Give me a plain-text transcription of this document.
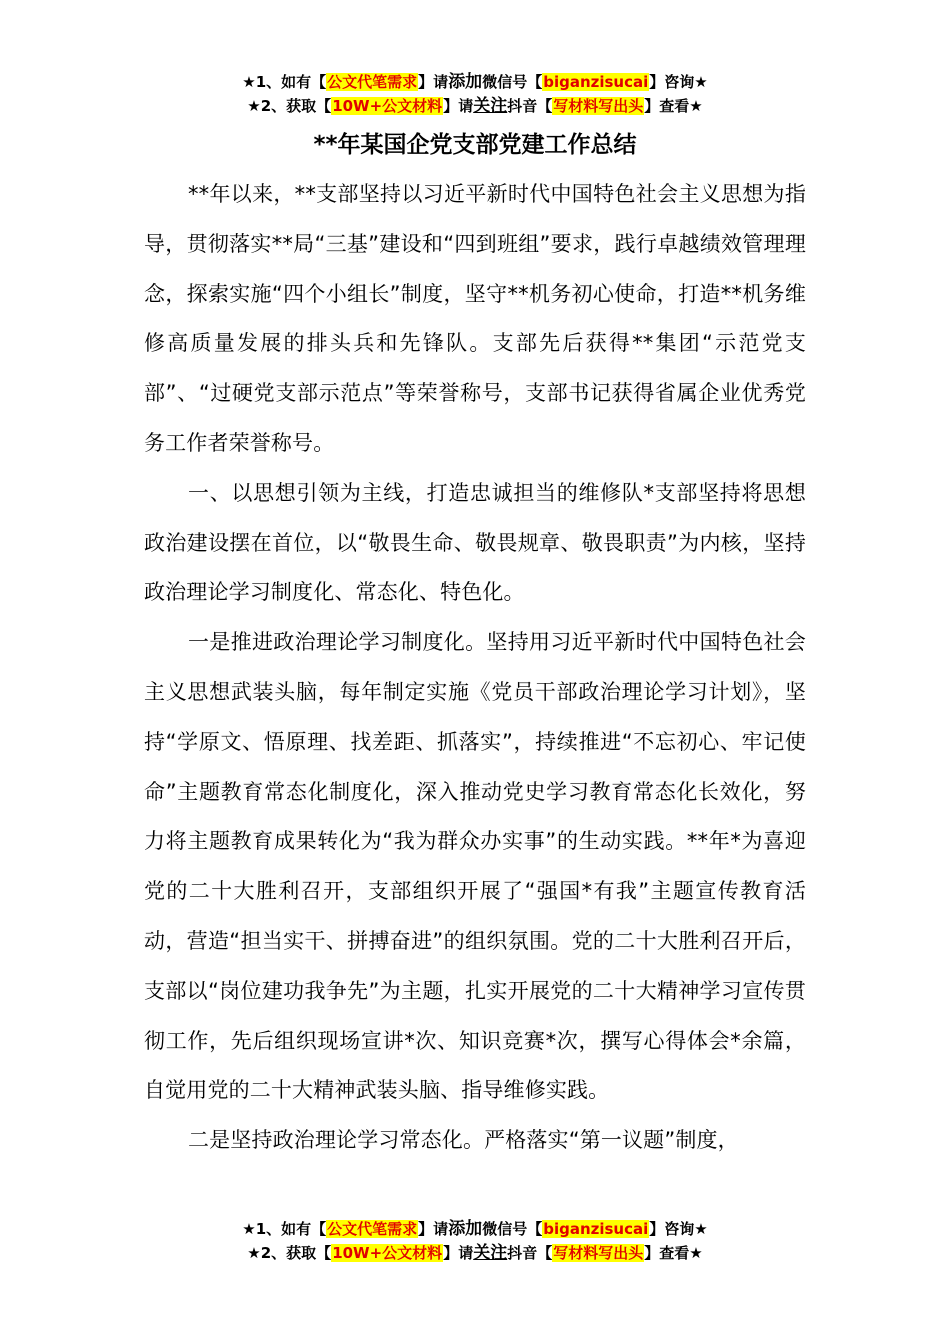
★1、如有【公文代笔需求】请添加微信号【biganzisucai】咨询★
★2、获取【10W+公文材料】请关注抖音【写材料写出头】查看★
**年某国企党支部党建工作总结

**年以来，**支部坚持以习近平新时代中国特色社会主义思想为指导，贯彻落实**局“三基”建设和“四到班组”要求，践行卓越绩效管理理念，探索实施“四个小组长”制度，坚守**机务初心使命，打造**机务维修高质量发展的排头兵和先锋队。支部先后获得**集团“示范党支部”、“过硬党支部示范点”等荣誉称号，支部书记获得省属企业优秀党务工作者荣誉称号。

一、以思想引领为主线，打造忠诚担当的维修队*支部坚持将思想政治建设摆在首位，以“敬畏生命、敬畏规章、敬畏职责”为内核，坚持政治理论学习制度化、常态化、特色化。

一是推进政治理论学习制度化。坚持用习近平新时代中国特色社会主义思想武装头脑，每年制定实施《党员干部政治理论学习计划》，坚持“学原文、悟原理、找差距、抓落实”，持续推进“不忘初心、牢记使命”主题教育常态化制度化，深入推动党史学习教育常态化长效化，努力将主题教育成果转化为“我为群众办实事”的生动实践。**年*为喜迎党的二十大胜利召开，支部组织开展了“强国*有我”主题宣传教育活动，营造“担当实干、拼搏奋进”的组织氛围。党的二十大胜利召开后，支部以“岗位建功我争先”为主题，扎实开展党的二十大精神学习宣传贯彻工作，先后组织现场宣讲*次、知识竞赛*次，撰写心得体会*余篇，自觉用党的二十大精神武装头脑、指导维修实践。

二是坚持政治理论学习常态化。严格落实“第一议题”制度，

★1、如有【公文代笔需求】请添加微信号【biganzisucai】咨询★
★2、获取【10W+公文材料】请关注抖音【写材料写出头】查看★
